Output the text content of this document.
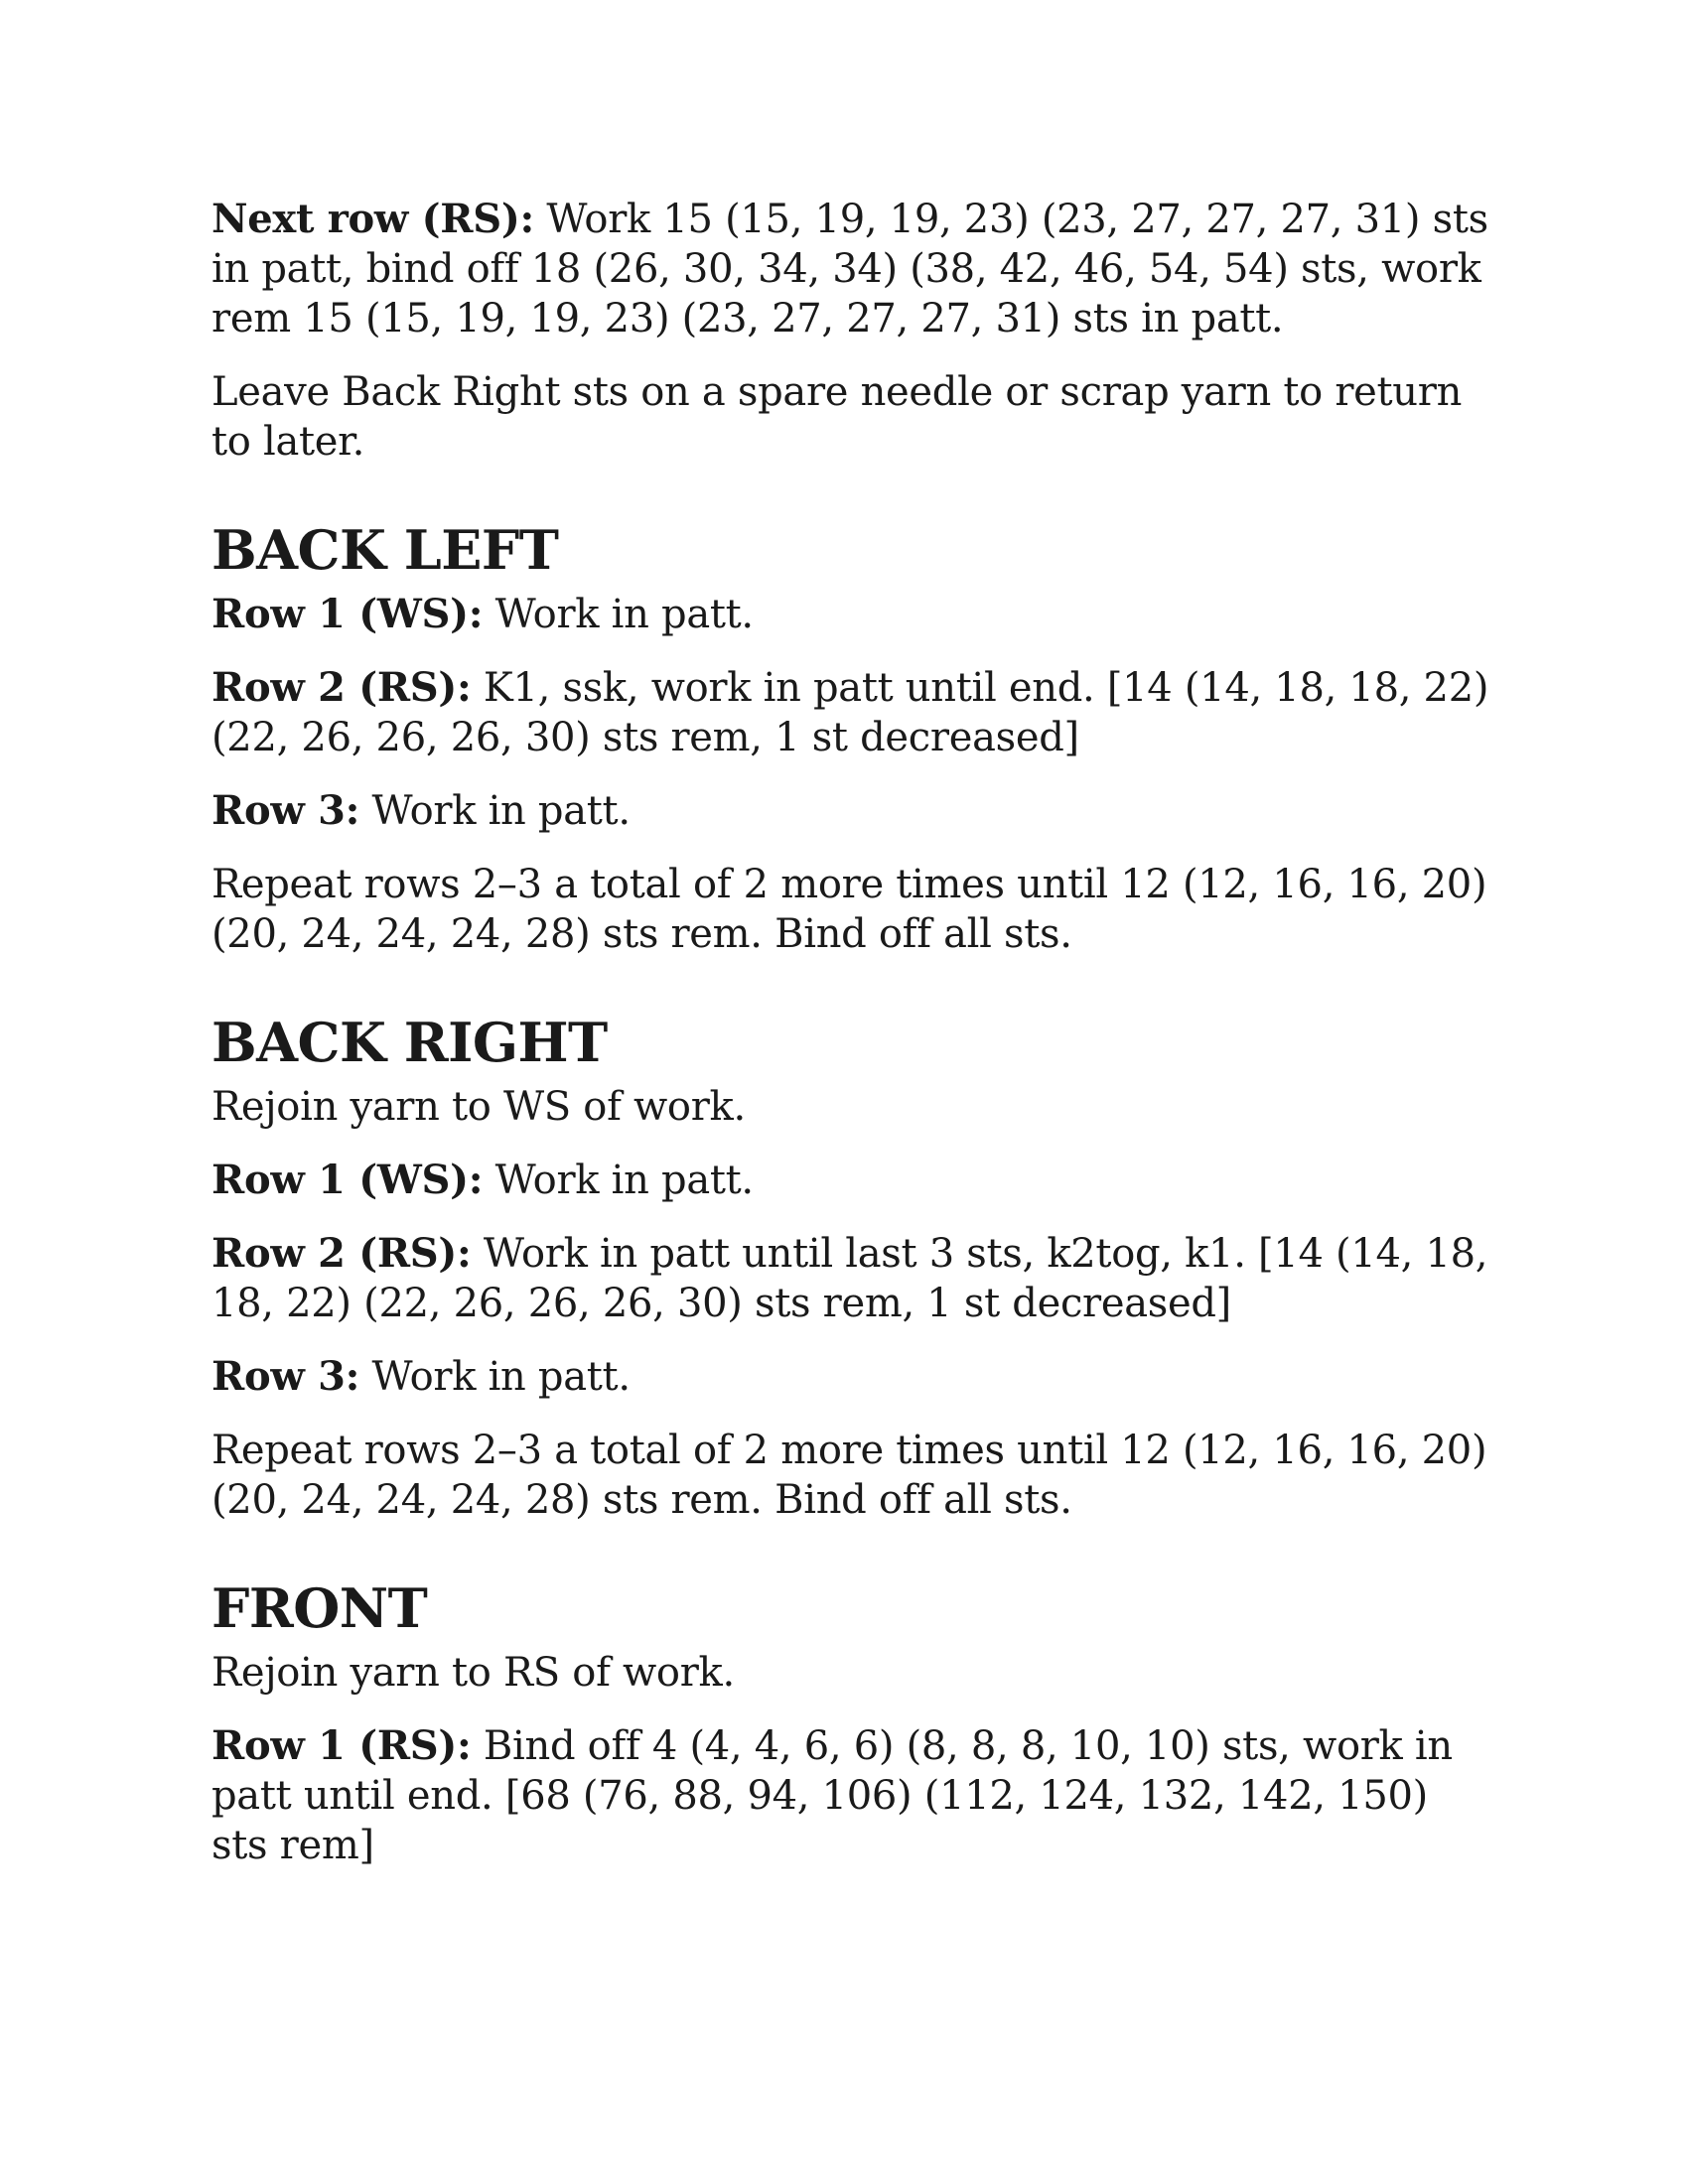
Next row (RS): Work 15 (15, 19, 19, 23) (23, 27, 27, 27, 31) sts in patt, bind off 18 (26, 30, 34, 34) (38, 42, 46, 54, 54) sts, work rem 15 (15, 19, 19, 23) (23, 27, 27, 27, 31) sts in patt.

Leave Back Right sts on a spare needle or scrap yarn to return to later.

BACK LEFT

Row 1 (WS): Work in patt.

Row 2 (RS): K1, ssk, work in patt until end. [14 (14, 18, 18, 22) (22, 26, 26, 26, 30) sts rem, 1 st decreased]

Row 3: Work in patt.

Repeat rows 2–3 a total of 2 more times until 12 (12, 16, 16, 20) (20, 24, 24, 24, 28) sts rem. Bind off all sts.

BACK RIGHT

Rejoin yarn to WS of work.

Row 1 (WS): Work in patt.

Row 2 (RS): Work in patt until last 3 sts, k2tog, k1. [14 (14, 18, 18, 22) (22, 26, 26, 26, 30) sts rem, 1 st decreased]

Row 3: Work in patt.

Repeat rows 2–3 a total of 2 more times until 12 (12, 16, 16, 20) (20, 24, 24, 24, 28) sts rem. Bind off all sts.

FRONT

Rejoin yarn to RS of work.

Row 1 (RS): Bind off 4 (4, 4, 6, 6) (8, 8, 8, 10, 10) sts, work in patt until end. [68 (76, 88, 94, 106) (112, 124, 132, 142, 150) sts rem]
